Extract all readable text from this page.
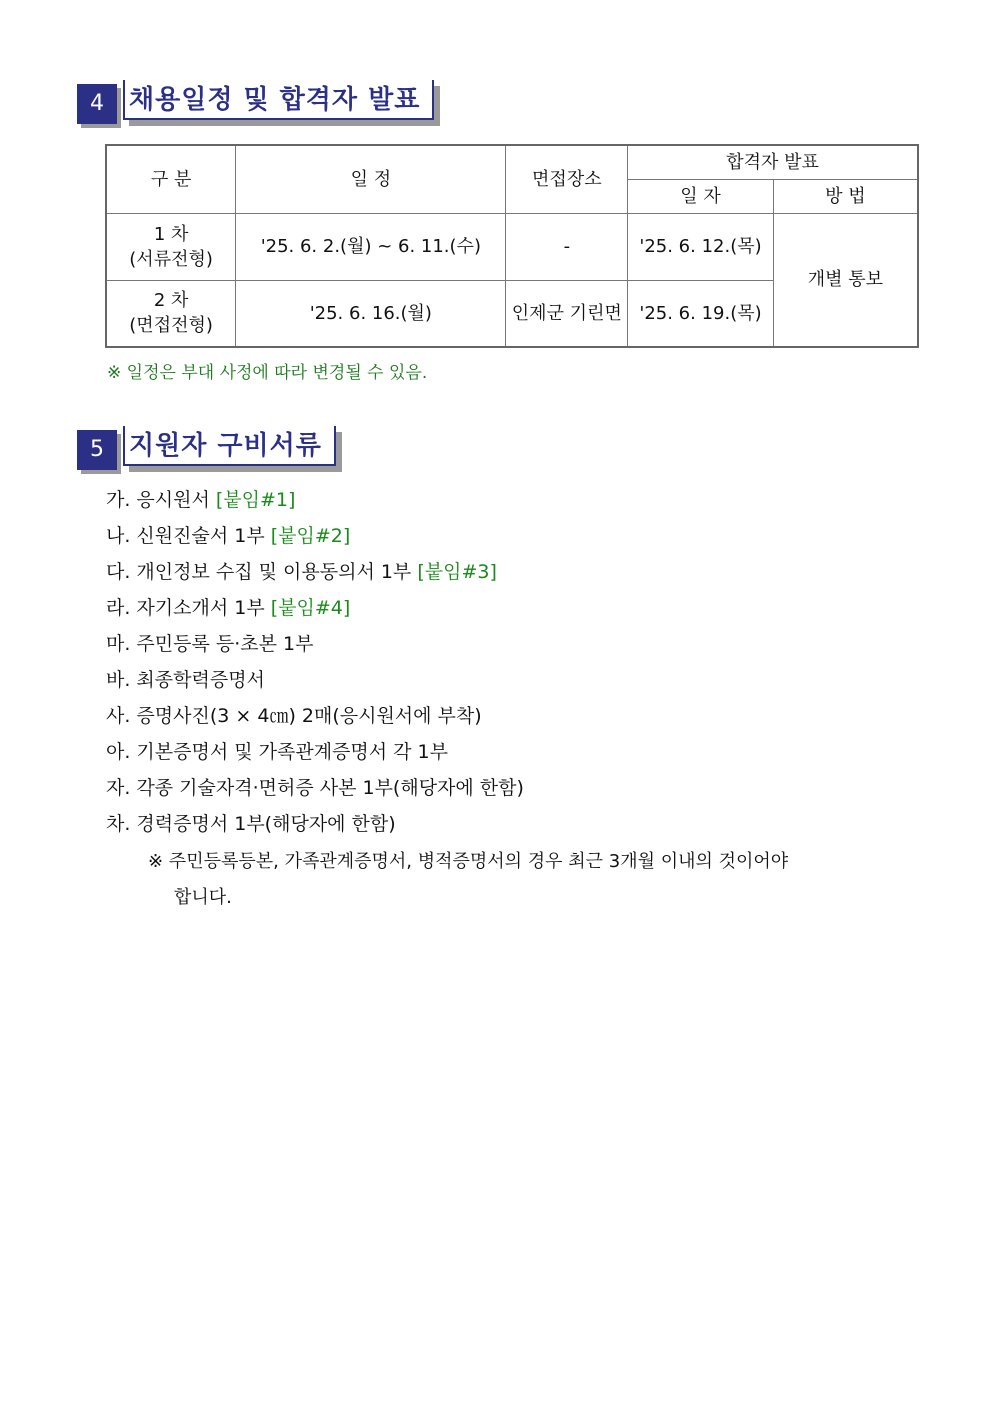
4 채용일정 및 합격자 발표
구 분	일 정	면접장소	합격자 발표	
			일 자	방 법

1 차
(서류전형)	'25. 6. 2.(월) ~ 6. 11.(수)	-	'25. 6. 12.(목)	개별 통보

2 차
(면접전형)	'25. 6. 16.(월)	인제군 기린면	'25. 6. 19.(목)	
※ 일정은 부대 사정에 따라 변경될 수 있음.
5 지원자 구비서류
가. 응시원서 [붙임#1]
나. 신원진술서 1부 [붙임#2]
다. 개인정보 수집 및 이용동의서 1부 [붙임#3]
라. 자기소개서 1부 [붙임#4]
마. 주민등록 등·초본 1부
바. 최종학력증명서
사. 증명사진(3 × 4㎝) 2매(응시원서에 부착)
아. 기본증명서 및 가족관계증명서 각 1부
자. 각종 기술자격·면허증 사본 1부(해당자에 한함)
차. 경력증명서 1부(해당자에 한함)
※ 주민등록등본, 가족관계증명서, 병적증명서의 경우 최근 3개월 이내의 것이어야
합니다.
